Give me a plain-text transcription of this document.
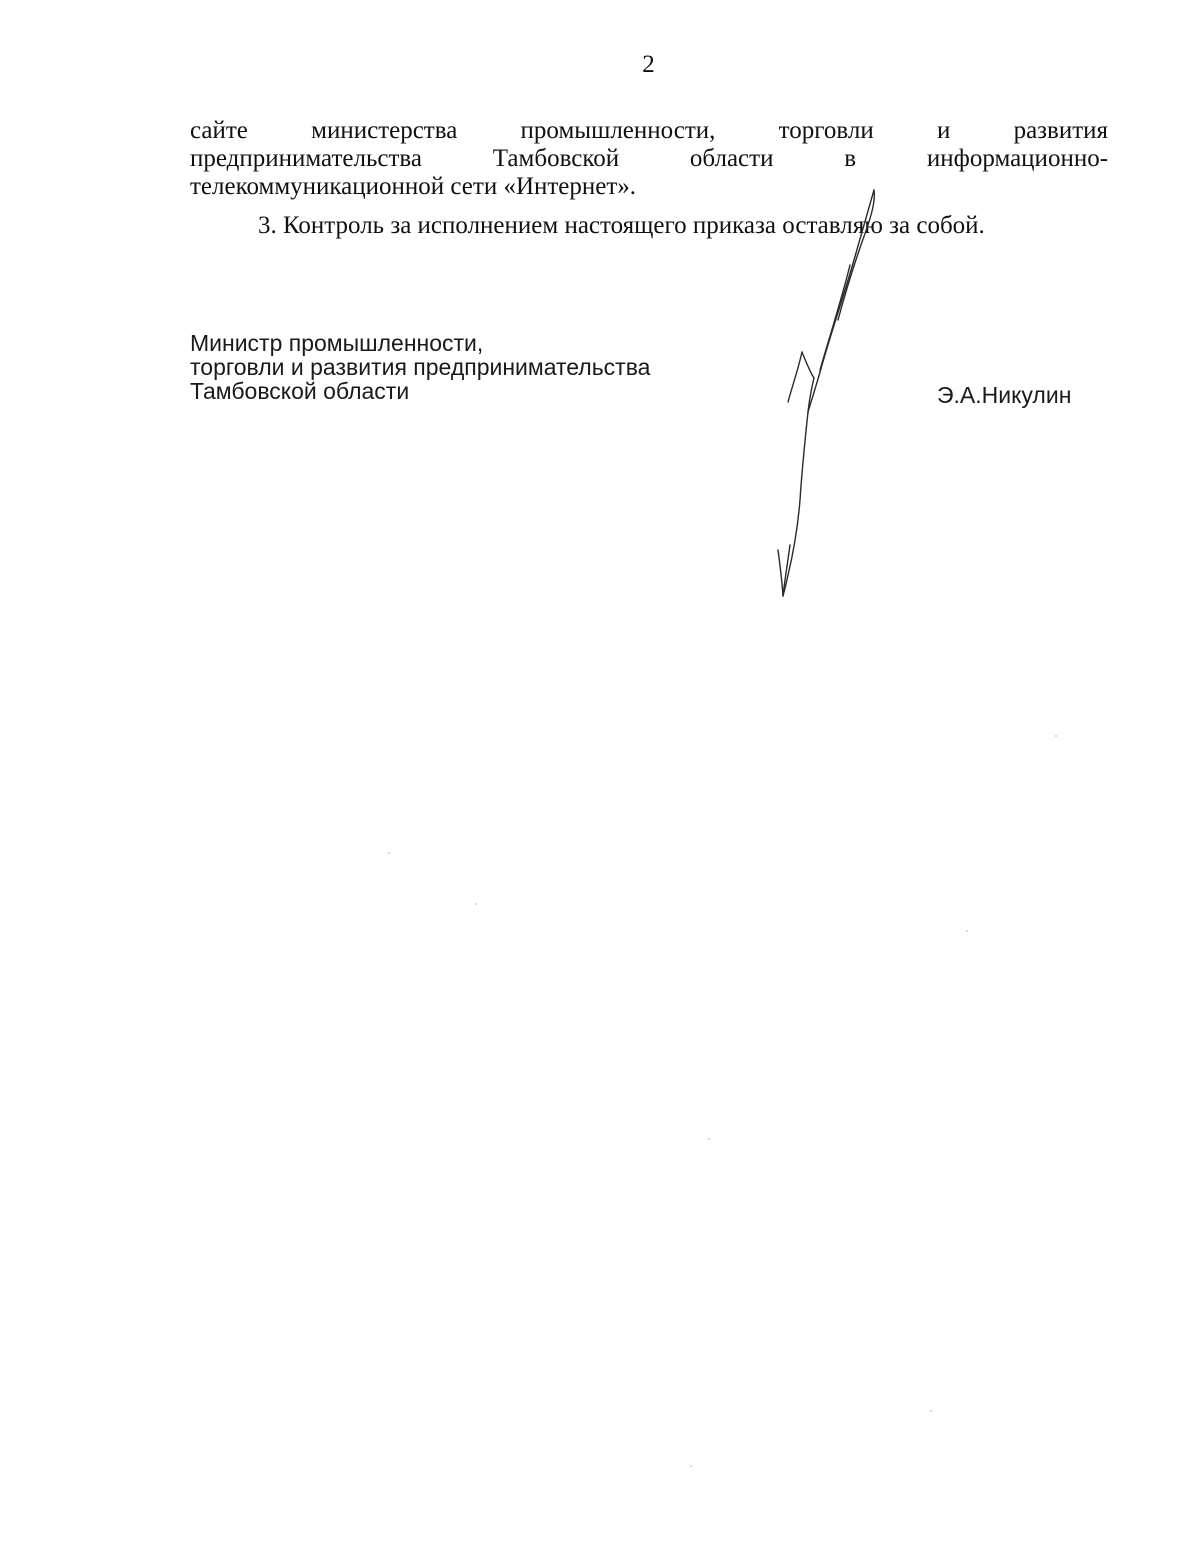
2
сайте	министерства	промышленности,	торговли	и	развития
предпринимательства	Тамбовской	области	в	информационно-
телекоммуникационной сети «Интернет».
3. Контроль за исполнением настоящего приказа оставляю за собой.
Министр промышленности,
торговли и развития предпринимательства
Тамбовской области	Э.А.Никулин
